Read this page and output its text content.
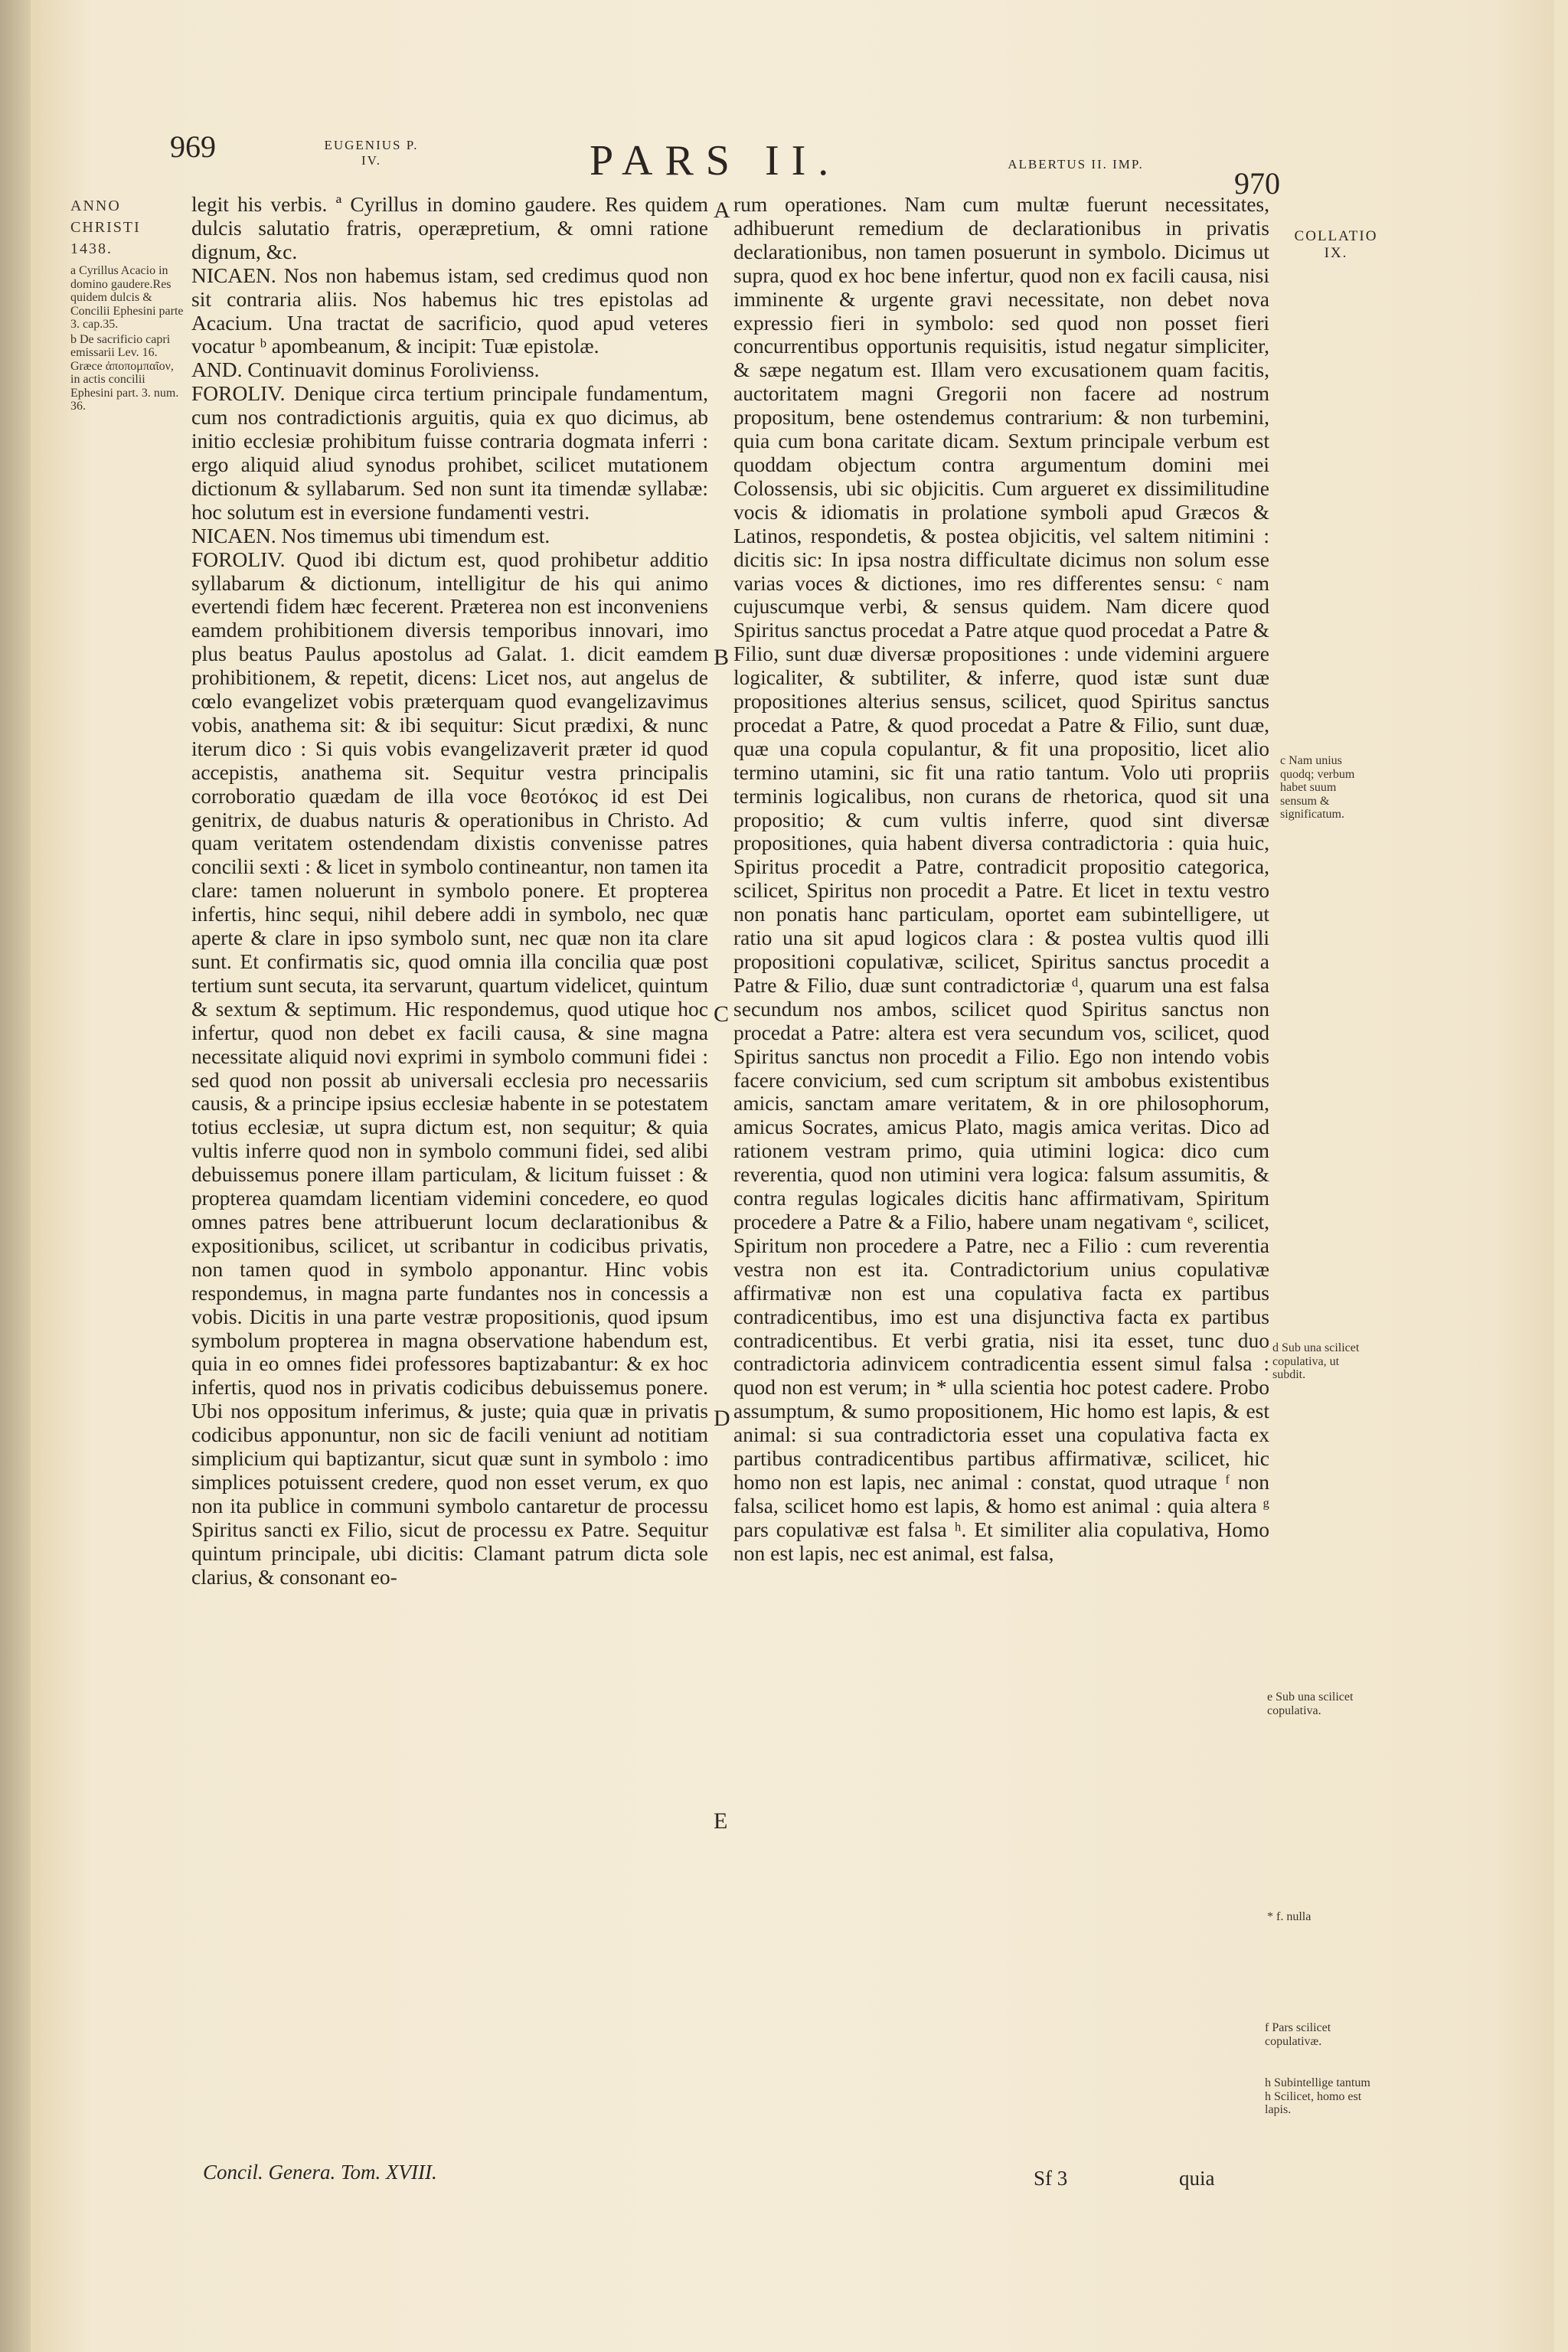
969	EUGENIUS P. IV.	PARS II.	ALBERTUS II. IMP.
970
COLLATIO IX.
ANNO CHRISTI 1438.
a Cyrillus Acacio in domino gaudere.Res quidem dulcis & Concilii Ephesini parte 3. cap.35.
b De sacrificio capri emissarii Lev. 16. Græce ἀποπομπαῖον, in actis concilii Ephesini part. 3. num. 36.

legit his verbis. ª Cyrillus in domino gaudere. Res quidem dulcis salutatio fratris, operæpretium, & omni ratione dignum, &c.

NICAEN. Nos non habemus istam, sed credimus quod non sit contraria aliis. Nos habemus hic tres epistolas ad Acacium. Una tractat de sacrificio, quod apud veteres vocatur ᵇ apombeanum, & incipit: Tuæ epistolæ.

AND. Continuavit dominus Forolivienss.

FOROLIV. Denique circa tertium principale fundamentum, cum nos contradictionis arguitis, quia ex quo dicimus, ab initio ecclesiæ prohibitum fuisse contraria dogmata inferri : ergo aliquid aliud synodus prohibet, scilicet mutationem dictionum & syllabarum. Sed non sunt ita timendæ syllabæ: hoc solutum est in eversione fundamenti vestri.

NICAEN. Nos timemus ubi timendum est.

FOROLIV. Quod ibi dictum est, quod prohibetur additio syllabarum & dictionum, intelligitur de his qui animo evertendi fidem hæc fecerent. Præterea non est inconveniens eamdem prohibitionem diversis temporibus innovari, imo plus beatus Paulus apostolus ad Galat. 1. dicit eamdem prohibitionem, & repetit, dicens: Licet nos, aut angelus de cœlo evangelizet vobis præterquam quod evangelizavimus vobis, anathema sit: & ibi sequitur: Sicut prædixi, & nunc iterum dico : Si quis vobis evangelizaverit præter id quod accepistis, anathema sit. Sequitur vestra principalis corroboratio quædam de illa voce θεοτόκος id est Dei genitrix, de duabus naturis & operationibus in Christo. Ad quam veritatem ostendendam dixistis convenisse patres concilii sexti : & licet in symbolo contineantur, non tamen ita clare: tamen noluerunt in symbolo ponere. Et propterea infertis, hinc sequi, nihil debere addi in symbolo, nec quæ aperte & clare in ipso symbolo sunt, nec quæ non ita clare sunt. Et confirmatis sic, quod omnia illa concilia quæ post tertium sunt secuta, ita servarunt, quartum videlicet, quintum & sextum & septimum. Hic respondemus, quod utique hoc infertur, quod non debet ex facili causa, & sine magna necessitate aliquid novi exprimi in symbolo communi fidei : sed quod non possit ab universali ecclesia pro necessariis causis, & a principe ipsius ecclesiæ habente in se potestatem totius ecclesiæ, ut supra dictum est, non sequitur; & quia vultis inferre quod non in symbolo communi fidei, sed alibi debuissemus ponere illam particulam, & licitum fuisset : & propterea quamdam licentiam videmini concedere, eo quod omnes patres bene attribuerunt locum declarationibus & expositionibus, scilicet, ut scribantur in codicibus privatis, non tamen quod in symbolo apponantur. Hinc vobis respondemus, in magna parte fundantes nos in concessis a vobis. Dicitis in una parte vestræ propositionis, quod ipsum symbolum propterea in magna observatione habendum est, quia in eo omnes fidei professores baptizabantur: & ex hoc infertis, quod nos in privatis codicibus debuissemus ponere. Ubi nos oppositum inferimus, & juste; quia quæ in privatis codicibus apponuntur, non sic de facili veniunt ad notitiam simplicium qui baptizantur, sicut quæ sunt in symbolo : imo simplices potuissent credere, quod non esset verum, ex quo non ita publice in communi symbolo cantaretur de processu Spiritus sancti ex Filio, sicut de processu ex Patre. Sequitur quintum principale, ubi dicitis: Clamant patrum dicta sole clarius, & consonant eo-

A
B
C
D
E

rum operationes. Nam cum multæ fuerunt necessitates, adhibuerunt remedium de declarationibus in privatis declarationibus, non tamen posuerunt in symbolo. Dicimus ut supra, quod ex hoc bene infertur, quod non ex facili causa, nisi imminente & urgente gravi necessitate, non debet nova expressio fieri in symbolo: sed quod non posset fieri concurrentibus opportunis requisitis, istud negatur simpliciter, & sæpe negatum est. Illam vero excusationem quam facitis, auctoritatem magni Gregorii non facere ad nostrum propositum, bene ostendemus contrarium: & non turbemini, quia cum bona caritate dicam. Sextum principale verbum est quoddam objectum contra argumentum domini mei Colossensis, ubi sic objicitis. Cum argueret ex dissimilitudine vocis & idiomatis in prolatione symboli apud Græcos & Latinos, respondetis, & postea objicitis, vel saltem nitimini : dicitis sic: In ipsa nostra difficultate dicimus non solum esse varias voces & dictiones, imo res differentes sensu: ᶜ nam cujuscumque verbi, & sensus quidem. Nam dicere quod Spiritus sanctus procedat a Patre atque quod procedat a Patre & Filio, sunt duæ diversæ propositiones : unde videmini arguere logicaliter, & subtiliter, & inferre, quod istæ sunt duæ propositiones alterius sensus, scilicet, quod Spiritus sanctus procedat a Patre, & quod procedat a Patre & Filio, sunt duæ, quæ una copula copulantur, & fit una propositio, licet alio termino utamini, sic fit una ratio tantum. Volo uti propriis terminis logicalibus, non curans de rhetorica, quod sit una propositio; & cum vultis inferre, quod sint diversæ propositiones, quia habent diversa contradictoria : quia huic, Spiritus procedit a Patre, contradicit propositio categorica, scilicet, Spiritus non procedit a Patre. Et licet in textu vestro non ponatis hanc particulam, oportet eam subintelligere, ut ratio una sit apud logicos clara : & postea vultis quod illi propositioni copulativæ, scilicet, Spiritus sanctus procedit a Patre & Filio, duæ sunt contradictoriæ ᵈ, quarum una est falsa secundum nos ambos, scilicet quod Spiritus sanctus non procedat a Patre: altera est vera secundum vos, scilicet, quod Spiritus sanctus non procedit a Filio. Ego non intendo vobis facere convicium, sed cum scriptum sit ambobus existentibus amicis, sanctam amare veritatem, & in ore philosophorum, amicus Socrates, amicus Plato, magis amica veritas. Dico ad rationem vestram primo, quia utimini logica: dico cum reverentia, quod non utimini vera logica: falsum assumitis, & contra regulas logicales dicitis hanc affirmativam, Spiritum procedere a Patre & a Filio, habere unam negativam ᵉ, scilicet, Spiritum non procedere a Patre, nec a Filio : cum reverentia vestra non est ita. Contradictorium unius copulativæ affirmativæ non est una copulativa facta ex partibus contradicentibus, imo est una disjunctiva facta ex partibus contradicentibus. Et verbi gratia, nisi ita esset, tunc duo contradictoria adinvicem contradicentia essent simul falsa : quod non est verum; in * ulla scientia hoc potest cadere. Probo assumptum, & sumo propositionem, Hic homo est lapis, & est animal: si sua contradictoria esset una copulativa facta ex partibus contradicentibus partibus affirmativæ, scilicet, hic homo non est lapis, nec animal : constat, quod utraque ᶠ non falsa, scilicet homo est lapis, & homo est animal : quia altera ᵍ pars copulativæ est falsa ʰ. Et similiter alia copulativa, Homo non est lapis, nec est animal, est falsa,

c Nam unius quodq; verbum habet suum sensum & significatum.
d Sub una scilicet copulativa, ut subdit.
e Sub una scilicet copulativa.
* f. nulla
f Pars scilicet copulativæ.
h Subintellige tantum h Scilicet, homo est lapis.
Concil. Genera. Tom. XVIII.	Sf 3	quia
